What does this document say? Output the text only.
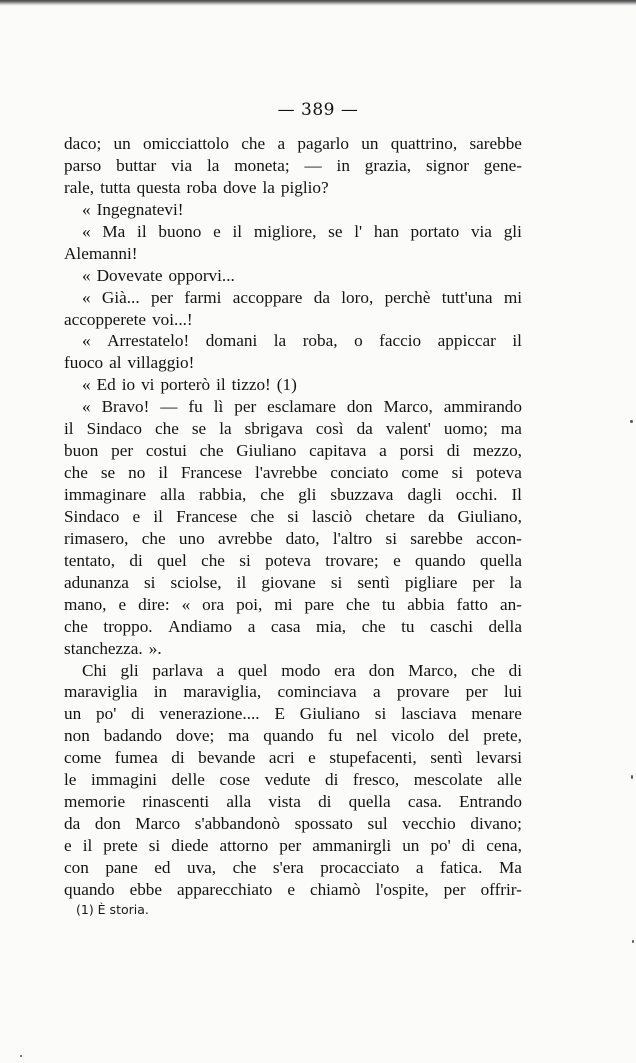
— 389 —
daco; un omicciattolo che a pagarlo un quattrino, sarebbe
parso buttar via la moneta; — in grazia, signor gene-
rale, tutta questa roba dove la piglio?
« Ingegnatevi!
« Ma il buono e il migliore, se l' han portato via gli
Alemanni!
« Dovevate opporvi...
« Già... per farmi accoppare da loro, perchè tutt'una mi
accopperete voi...!
« Arrestatelo! domani la roba, o faccio appiccar il
fuoco al villaggio!
« Ed io vi porterò il tizzo! (1)
« Bravo! — fu lì per esclamare don Marco, ammirando
il Sindaco che se la sbrigava così da valent' uomo; ma
buon per costui che Giuliano capitava a porsi di mezzo,
che se no il Francese l'avrebbe conciato come si poteva
immaginare alla rabbia, che gli sbuzzava dagli occhi. Il
Sindaco e il Francese che si lasciò chetare da Giuliano,
rimasero, che uno avrebbe dato, l'altro si sarebbe accon-
tentato, di quel che si poteva trovare; e quando quella
adunanza si sciolse, il giovane si sentì pigliare per la
mano, e dire: « ora poi, mi pare che tu abbia fatto an-
che troppo. Andiamo a casa mia, che tu caschi della
stanchezza. ».
Chi gli parlava a quel modo era don Marco, che di
maraviglia in maraviglia, cominciava a provare per lui
un po' di venerazione.... E Giuliano si lasciava menare
non badando dove; ma quando fu nel vicolo del prete,
come fumea di bevande acri e stupefacenti, sentì levarsi
le immagini delle cose vedute di fresco, mescolate alle
memorie rinascenti alla vista di quella casa. Entrando
da don Marco s'abbandonò spossato sul vecchio divano;
e il prete si diede attorno per ammanirgli un po' di cena,
con pane ed uva, che s'era procacciato a fatica. Ma
quando ebbe apparecchiato e chiamò l'ospite, per offrir-
(1) È storia.
